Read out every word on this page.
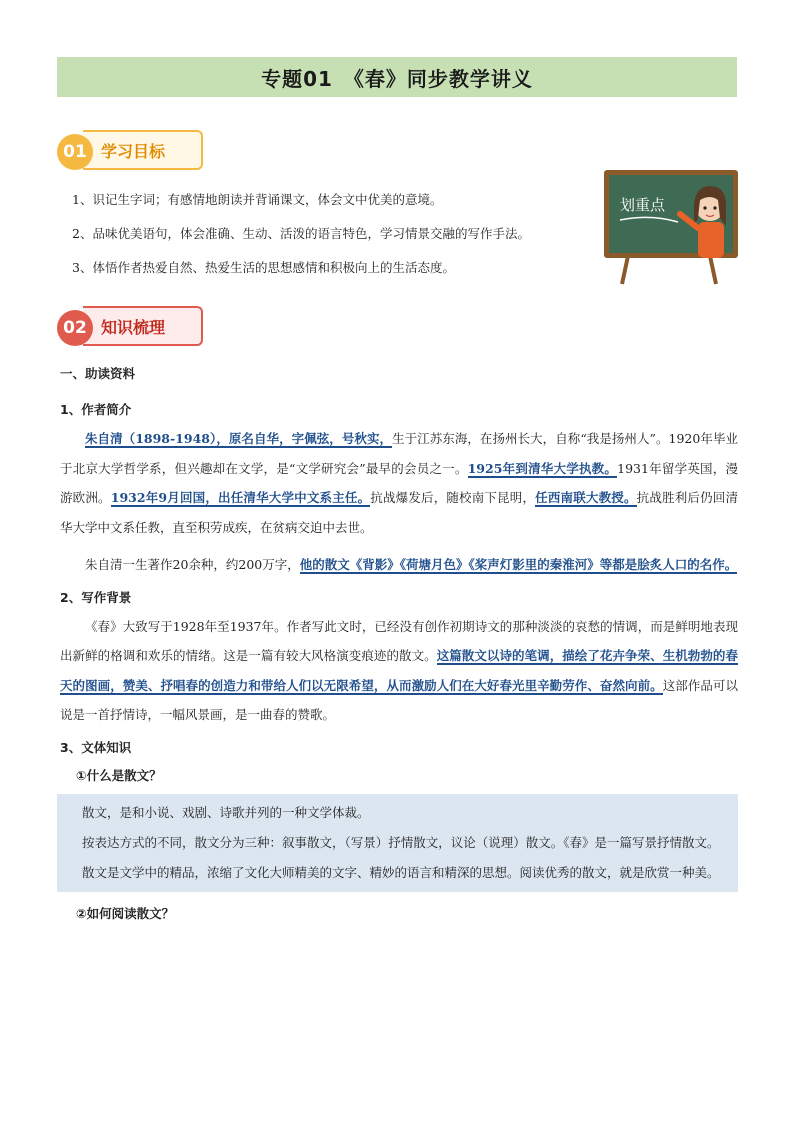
专题01　《春》同步教学讲义
01 学习目标

1、识记生字词；有感情地朗读并背诵课文，体会文中优美的意境。

2、品味优美语句，体会准确、生动、活泼的语言特色，学习情景交融的写作手法。

3、体悟作者热爱自然、热爱生活的思想感情和积极向上的生活态度。

划重点
02 知识梳理
一、助读资料
1、作者简介

朱自清（1898-1948），原名自华，字佩弦，号秋实，生于江苏东海，在扬州长大，自称“我是扬州人”。1920年毕业于北京大学哲学系，但兴趣却在文学，是“文学研究会”最早的会员之一。1925年到清华大学执教。1931年留学英国，漫游欧洲。1932年9月回国，出任清华大学中文系主任。抗战爆发后，随校南下昆明，任西南联大教授。抗战胜利后仍回清华大学中文系任教，直至积劳成疾，在贫病交迫中去世。

朱自清一生著作20余种，约200万字，他的散文《背影》《荷塘月色》《桨声灯影里的秦淮河》等都是脍炙人口的名作。

2、写作背景

《春》大致写于1928年至1937年。作者写此文时，已经没有创作初期诗文的那种淡淡的哀愁的情调，而是鲜明地表现出新鲜的格调和欢乐的情绪。这是一篇有较大风格演变痕迹的散文。这篇散文以诗的笔调，描绘了花卉争荣、生机勃勃的春天的图画，赞美、抒唱春的创造力和带给人们以无限希望，从而激励人们在大好春光里辛勤劳作、奋然向前。这部作品可以说是一首抒情诗，一幅风景画，是一曲春的赞歌。

3、文体知识
①什么是散文？

散文，是和小说、戏剧、诗歌并列的一种文学体裁。

按表达方式的不同，散文分为三种：叙事散文，（写景）抒情散文，议论（说理）散文。《春》是一篇写景抒情散文。

散文是文学中的精品，浓缩了文化大师精美的文字、精妙的语言和精深的思想。阅读优秀的散文，就是欣赏一种美。

②如何阅读散文？
